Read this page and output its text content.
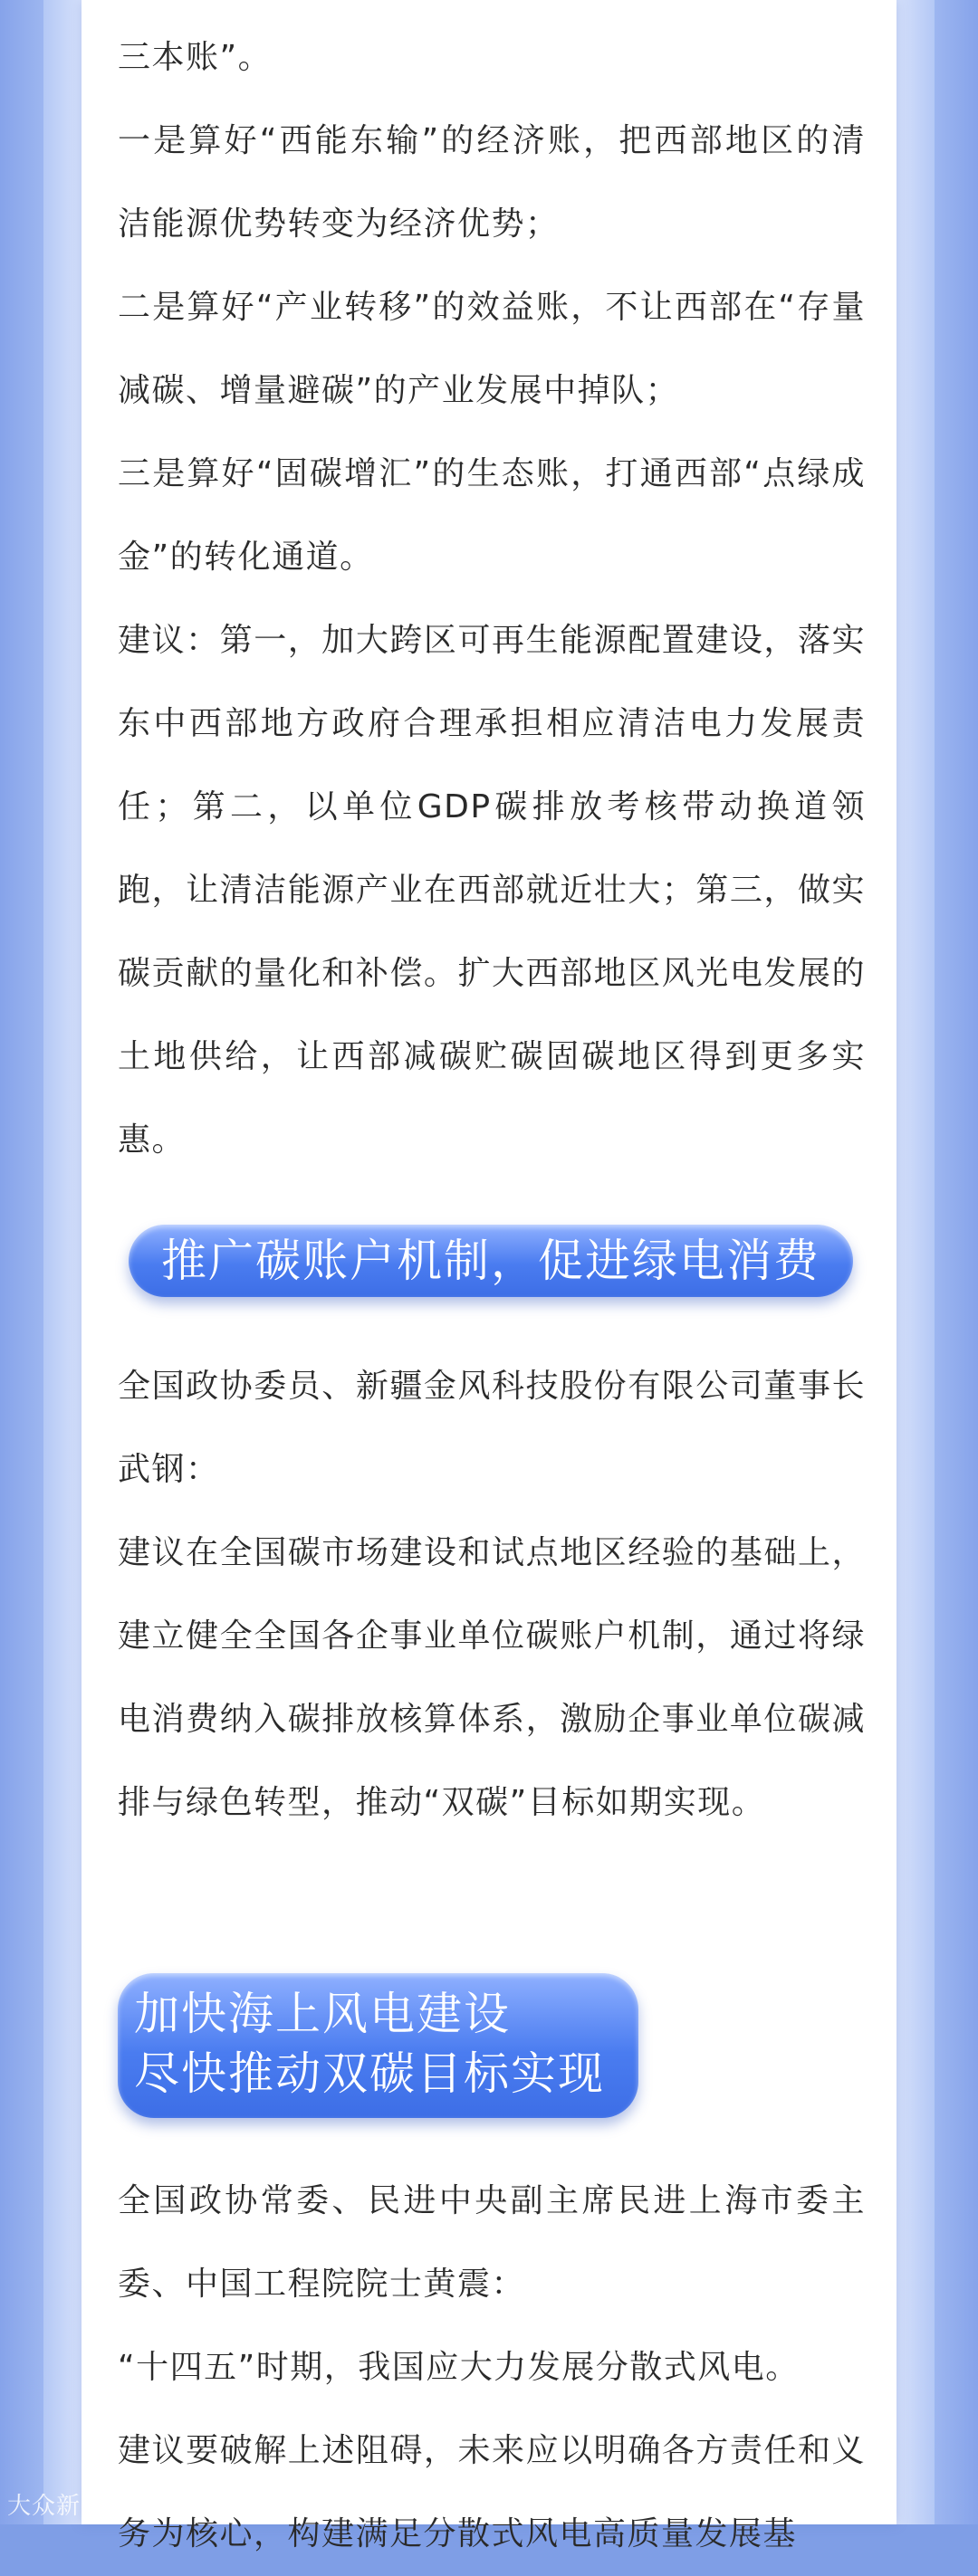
三本账”。

一是算好“西能东输”的经济账，把西部地区的清洁能源优势转变为经济优势；

二是算好“产业转移”的效益账，不让西部在“存量减碳、增量避碳”的产业发展中掉队；

三是算好“固碳增汇”的生态账，打通西部“点绿成金”的转化通道。

建议：第一，加大跨区可再生能源配置建设，落实东中西部地方政府合理承担相应清洁电力发展责任；第二，以单位GDP碳排放考核带动换道领跑，让清洁能源产业在西部就近壮大；第三，做实碳贡献的量化和补偿。扩大西部地区风光电发展的土地供给，让西部减碳贮碳固碳地区得到更多实惠。

推广碳账户机制，促进绿电消费

全国政协委员、新疆金风科技股份有限公司董事长武钢：

建议在全国碳市场建设和试点地区经验的基础上，建立健全全国各企事业单位碳账户机制，通过将绿电消费纳入碳排放核算体系，激励企事业单位碳减排与绿色转型，推动“双碳”目标如期实现。

加快海上风电建设
尽快推动双碳目标实现

全国政协常委、民进中央副主席民进上海市委主委、中国工程院院士黄震：

“十四五”时期，我国应大力发展分散式风电。

建议要破解上述阻碍，未来应以明确各方责任和义务为核心，构建满足分散式风电高质量发展基

大众新闻
